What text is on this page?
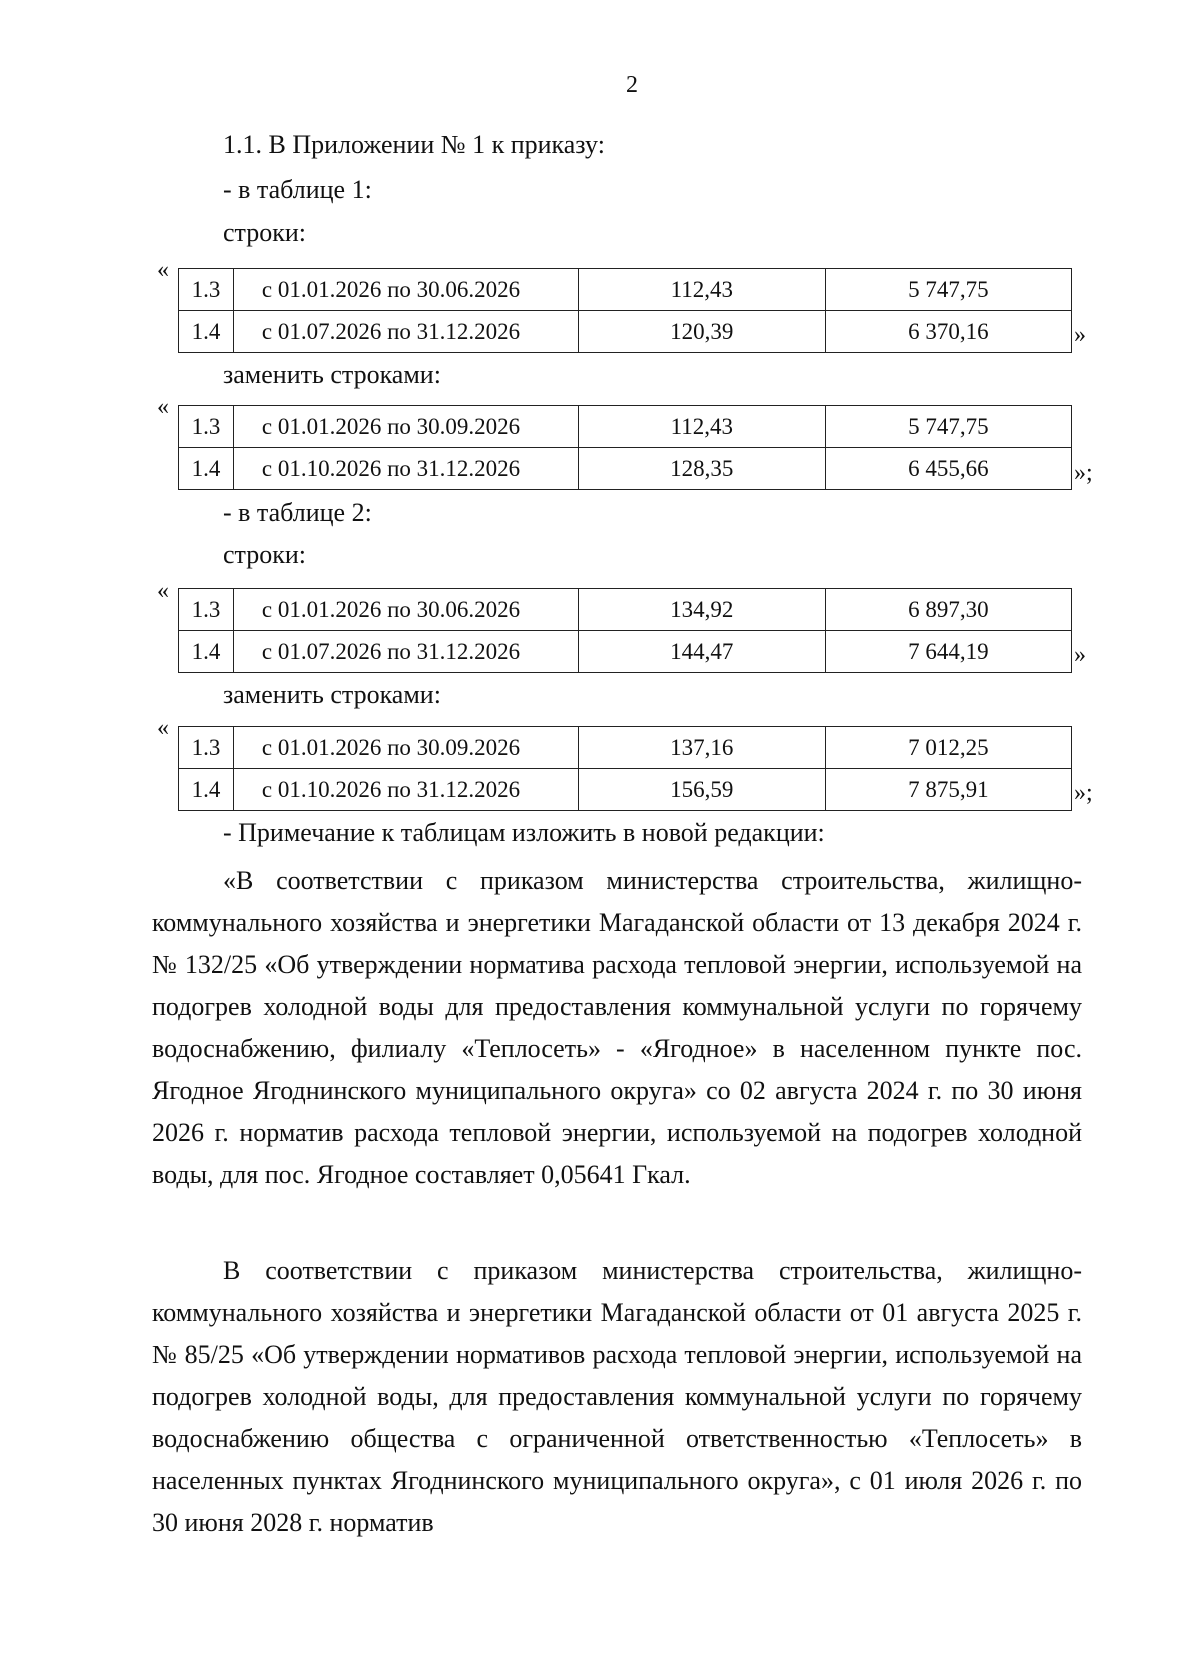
2
1.1. В Приложении № 1 к приказу:
- в таблице 1:
строки:
«
1.3	с 01.01.2026 по 30.06.2026	112,43	5 747,75
1.4	с 01.07.2026 по 31.12.2026	120,39	6 370,16	»
заменить строками:
«
1.3	с 01.01.2026 по 30.09.2026	112,43	5 747,75
1.4	с 01.10.2026 по 31.12.2026	128,35	6 455,66	»;
- в таблице 2:
строки:
«
1.3	с 01.01.2026 по 30.06.2026	134,92	6 897,30
1.4	с 01.07.2026 по 31.12.2026	144,47	7 644,19	»
заменить строками:
«
1.3	с 01.01.2026 по 30.09.2026	137,16	7 012,25
1.4	с 01.10.2026 по 31.12.2026	156,59	7 875,91	»;
- Примечание к таблицам изложить в новой редакции:
«В соответствии с приказом министерства строительства, жилищно-коммунального хозяйства и энергетики Магаданской области от 13 декабря 2024 г. № 132/25 «Об утверждении норматива расхода тепловой энергии, используемой на подогрев холодной воды для предоставления коммунальной услуги по горячему водоснабжению, филиалу «Теплосеть» - «Ягодное» в населенном пункте пос. Ягодное Ягоднинского муниципального округа» со 02 августа 2024 г. по 30 июня 2026 г. норматив расхода тепловой энергии, используемой на подогрев холодной воды, для пос. Ягодное составляет 0,05641 Гкал.
В соответствии с приказом министерства строительства, жилищно-коммунального хозяйства и энергетики Магаданской области от 01 августа 2025 г. № 85/25 «Об утверждении нормативов расхода тепловой энергии, используемой на подогрев холодной воды, для предоставления коммунальной услуги по горячему водоснабжению общества с ограниченной ответственностью «Теплосеть» в населенных пунктах Ягоднинского муниципального округа», с 01 июля 2026 г. по 30 июня 2028 г. норматив
